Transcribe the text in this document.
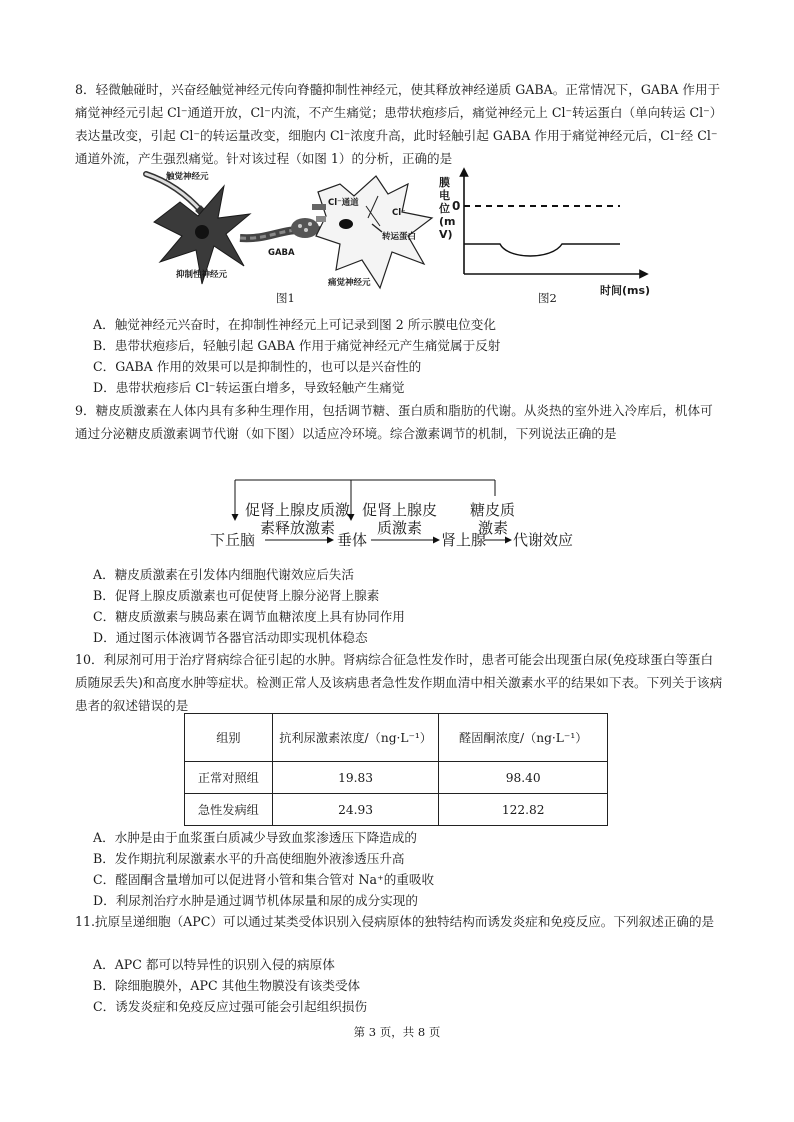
8．轻微触碰时，兴奋经触觉神经元传向脊髓抑制性神经元，使其释放神经递质 GABA。正常情况下，GABA 作用于痛觉神经元引起 Cl⁻通道开放，Cl⁻内流，不产生痛觉；患带状疱疹后，痛觉神经元上 Cl⁻转运蛋白（单向转运 Cl⁻）表达量改变，引起 Cl⁻的转运量改变，细胞内 Cl⁻浓度升高，此时轻触引起 GABA 作用于痛觉神经元后，Cl⁻经 Cl⁻通道外流，产生强烈痛觉。针对该过程（如图 1）的分析，正确的是

触觉神经元
抑制性神经元
GABA
痛觉神经元
Cl⁻通道
Cl⁻
转运蛋白
图1
膜电位(mV)
0
时间(ms)
图2

A．触觉神经元兴奋时，在抑制性神经元上可记录到图 2 所示膜电位变化

B．患带状疱疹后，轻触引起 GABA 作用于痛觉神经元产生痛觉属于反射

C．GABA 作用的效果可以是抑制性的，也可以是兴奋性的

D．患带状疱疹后 Cl⁻转运蛋白增多，导致轻触产生痛觉

9．糖皮质激素在人体内具有多种生理作用，包括调节糖、蛋白质和脂肪的代谢。从炎热的室外进入冷库后，机体可通过分泌糖皮质激素调节代谢（如下图）以适应冷环境。综合激素调节的机制，下列说法正确的是

促肾上腺皮质激
素释放激素
促肾上腺皮
质激素
糖皮质
激素
下丘脑	垂体	肾上腺 代谢效应

A．糖皮质激素在引发体内细胞代谢效应后失活

B．促肾上腺皮质激素也可促使肾上腺分泌肾上腺素

C．糖皮质激素与胰岛素在调节血糖浓度上具有协同作用

D．通过图示体液调节各器官活动即实现机体稳态

10．利尿剂可用于治疗肾病综合征引起的水肿。肾病综合征急性发作时，患者可能会出现蛋白尿(免疫球蛋白等蛋白质随尿丢失)和高度水肿等症状。检测正常人及该病患者急性发作期血清中相关激素水平的结果如下表。下列关于该病患者的叙述错误的是

组别	抗利尿激素浓度/（ng·L⁻¹）	醛固酮浓度/（ng·L⁻¹）
正常对照组	19.83	98.40
急性发病组	24.93	122.82

A．水肿是由于血浆蛋白质减少导致血浆渗透压下降造成的

B．发作期抗利尿激素水平的升高使细胞外液渗透压升高

C．醛固酮含量增加可以促进肾小管和集合管对 Na⁺的重吸收

D．利尿剂治疗水肿是通过调节机体尿量和尿的成分实现的

11.抗原呈递细胞（APC）可以通过某类受体识别入侵病原体的独特结构而诱发炎症和免疫反应。下列叙述正确的是

A．APC 都可以特异性的识别入侵的病原体

B．除细胞膜外，APC 其他生物膜没有该类受体

C．诱发炎症和免疫反应过强可能会引起组织损伤

第 3 页，共 8 页
